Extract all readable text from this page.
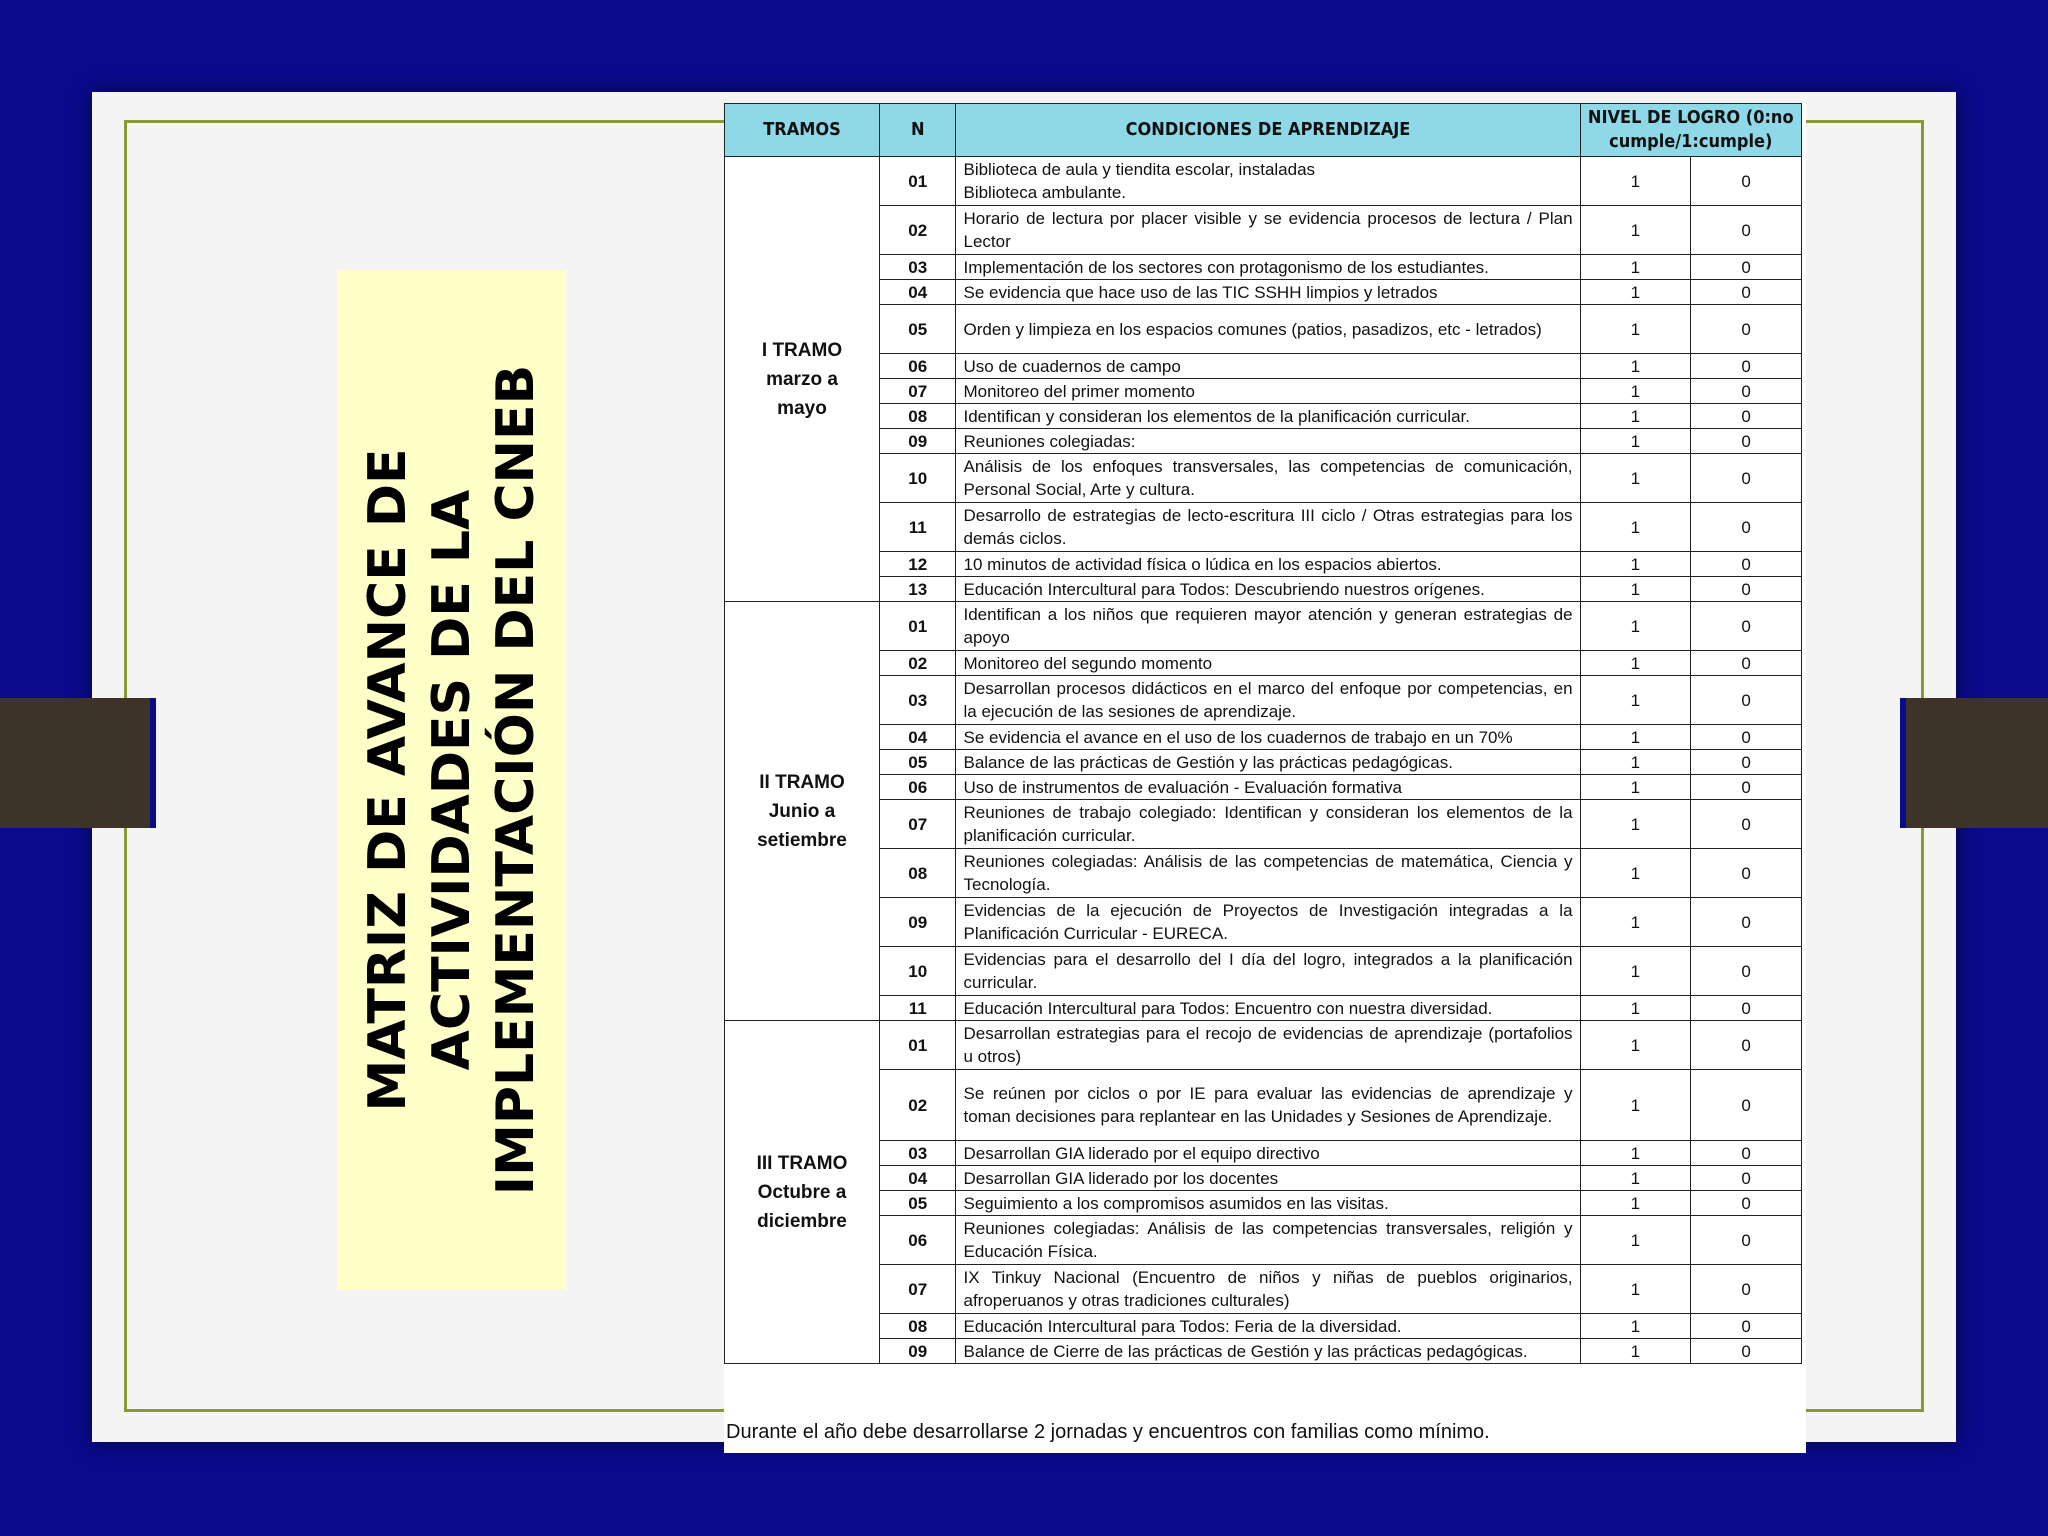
MATRIZ DE AVANCE DE ACTIVIDADES DE LA IMPLEMENTACIÓN DEL CNEB
TRAMOS	N	CONDICIONES DE APRENDIZAJE	NIVEL DE LOGRO (0:no cumple/1:cumple)	
I TRAMO
marzo a
mayo	01	Biblioteca de aula y tiendita escolar, instaladas
Biblioteca ambulante.	1	0
	02	Horario de lectura por placer visible y se evidencia procesos de lectura / Plan Lector	1	0
	03	Implementación de los sectores con protagonismo de los estudiantes.	1	0
	04	Se evidencia que hace uso de las TIC SSHH limpios y letrados	1	0
	05	Orden y limpieza en los espacios comunes (patios, pasadizos, etc - letrados)	1	0
	06	Uso de cuadernos de campo	1	0
	07	Monitoreo del primer momento	1	0
	08	Identifican y consideran los elementos de la planificación curricular.	1	0
	09	Reuniones colegiadas:	1	0
	10	Análisis de los enfoques transversales, las competencias de comunicación, Personal Social, Arte y cultura.	1	0
	11	Desarrollo de estrategias de lecto-escritura III ciclo / Otras estrategias para los demás ciclos.	1	0
	12	10 minutos de actividad física o lúdica en los espacios abiertos.	1	0
	13	Educación Intercultural para Todos: Descubriendo nuestros orígenes.	1	0
II TRAMO
Junio a
setiembre	01	Identifican a los niños que requieren mayor atención y generan estrategias de apoyo	1	0
	02	Monitoreo del segundo momento	1	0
	03	Desarrollan procesos didácticos en el marco del enfoque por competencias, en la ejecución de las sesiones de aprendizaje.	1	0
	04	Se evidencia el avance en el uso de los cuadernos de trabajo en un 70%	1	0
	05	Balance de las prácticas de Gestión y las prácticas pedagógicas.	1	0
	06	Uso de instrumentos de evaluación - Evaluación formativa	1	0
	07	Reuniones de trabajo colegiado: Identifican y consideran los elementos de la planificación curricular.	1	0
	08	Reuniones colegiadas: Análisis de las competencias de matemática, Ciencia y Tecnología.	1	0
	09	Evidencias de la ejecución de Proyectos de Investigación integradas a la Planificación Curricular - EURECA.	1	0
	10	Evidencias para el desarrollo del I día del logro, integrados a la planificación curricular.	1	0
	11	Educación Intercultural para Todos: Encuentro con nuestra diversidad.	1	0
III TRAMO
Octubre a
diciembre	01	Desarrollan estrategias para el recojo de evidencias de aprendizaje (portafolios u otros)	1	0
	02	Se reúnen por ciclos o por IE para evaluar las evidencias de aprendizaje y toman decisiones para replantear en las Unidades y Sesiones de Aprendizaje.	1	0
	03	Desarrollan GIA liderado por el equipo directivo	1	0
	04	Desarrollan GIA liderado por los docentes	1	0
	05	Seguimiento a los compromisos asumidos en las visitas.	1	0
	06	Reuniones colegiadas: Análisis de las competencias transversales, religión y Educación Física.	1	0
	07	IX Tinkuy Nacional (Encuentro de niños y niñas de pueblos originarios, afroperuanos y otras tradiciones culturales)	1	0
	08	Educación Intercultural para Todos: Feria de la diversidad.	1	0
	09	Balance de Cierre de las prácticas de Gestión y las prácticas pedagógicas.	1	0
Durante el año debe desarrollarse 2 jornadas y encuentros con familias como mínimo.
